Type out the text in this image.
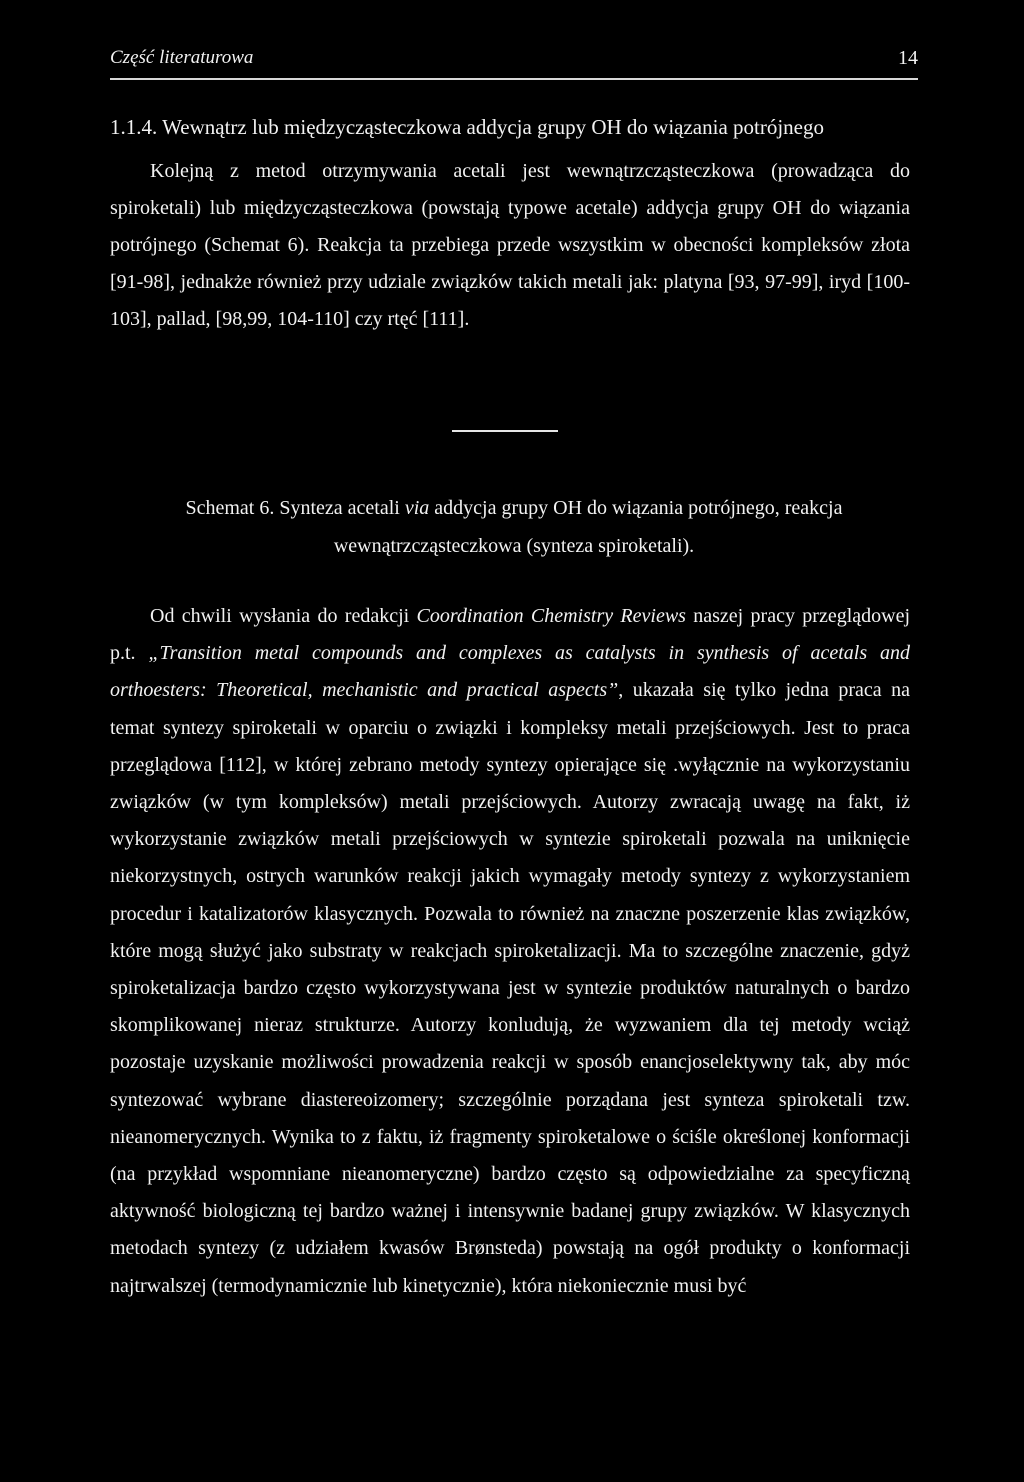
Część literaturowa	14
1.1.4. Wewnątrz lub międzycząsteczkowa addycja grupy OH do wiązania potrójnego

Kolejną z metod otrzymywania acetali jest wewnątrzcząsteczkowa (prowadząca do spiroketali) lub międzycząsteczkowa (powstają typowe acetale) addycja grupy OH do wiązania potrójnego (Schemat 6). Reakcja ta przebiega przede wszystkim w obecności kompleksów złota [91-98], jednakże również przy udziale związków takich metali jak: platyna [93, 97-99], iryd [100-103], pallad, [98,99, 104-110] czy rtęć [111].

Schemat 6. Synteza acetali via addycja grupy OH do wiązania potrójnego, reakcja wewnątrzcząsteczkowa (synteza spiroketali).

Od chwili wysłania do redakcji Coordination Chemistry Reviews naszej pracy przeglądowej p.t. „Transition metal compounds and complexes as catalysts in synthesis of acetals and orthoesters: Theoretical, mechanistic and practical aspects”, ukazała się tylko jedna praca na temat syntezy spiroketali w oparciu o związki i kompleksy metali przejściowych. Jest to praca przeglądowa [112], w której zebrano metody syntezy opierające się .wyłącznie na wykorzystaniu związków (w tym kompleksów) metali przejściowych. Autorzy zwracają uwagę na fakt, iż wykorzystanie związków metali przejściowych w syntezie spiroketali pozwala na uniknięcie niekorzystnych, ostrych warunków reakcji jakich wymagały metody syntezy z wykorzystaniem procedur i katalizatorów klasycznych. Pozwala to również na znaczne poszerzenie klas związków, które mogą służyć jako substraty w reakcjach spiroketalizacji. Ma to szczególne znaczenie, gdyż spiroketalizacja bardzo często wykorzystywana jest w syntezie produktów naturalnych o bardzo skomplikowanej nieraz strukturze. Autorzy konludują, że wyzwaniem dla tej metody wciąż pozostaje uzyskanie możliwości prowadzenia reakcji w sposób enancjoselektywny tak, aby móc syntezować wybrane diastereoizomery; szczególnie porządana jest synteza spiroketali tzw. nieanomerycznych. Wynika to z faktu, iż fragmenty spiroketalowe o ściśle określonej konformacji (na przykład wspomniane nieanomeryczne) bardzo często są odpowiedzialne za specyficzną aktywność biologiczną tej bardzo ważnej i intensywnie badanej grupy związków. W klasycznych metodach syntezy (z udziałem kwasów Brønsteda) powstają na ogół produkty o konformacji najtrwalszej (termodynamicznie lub kinetycznie), która niekoniecznie musi być
